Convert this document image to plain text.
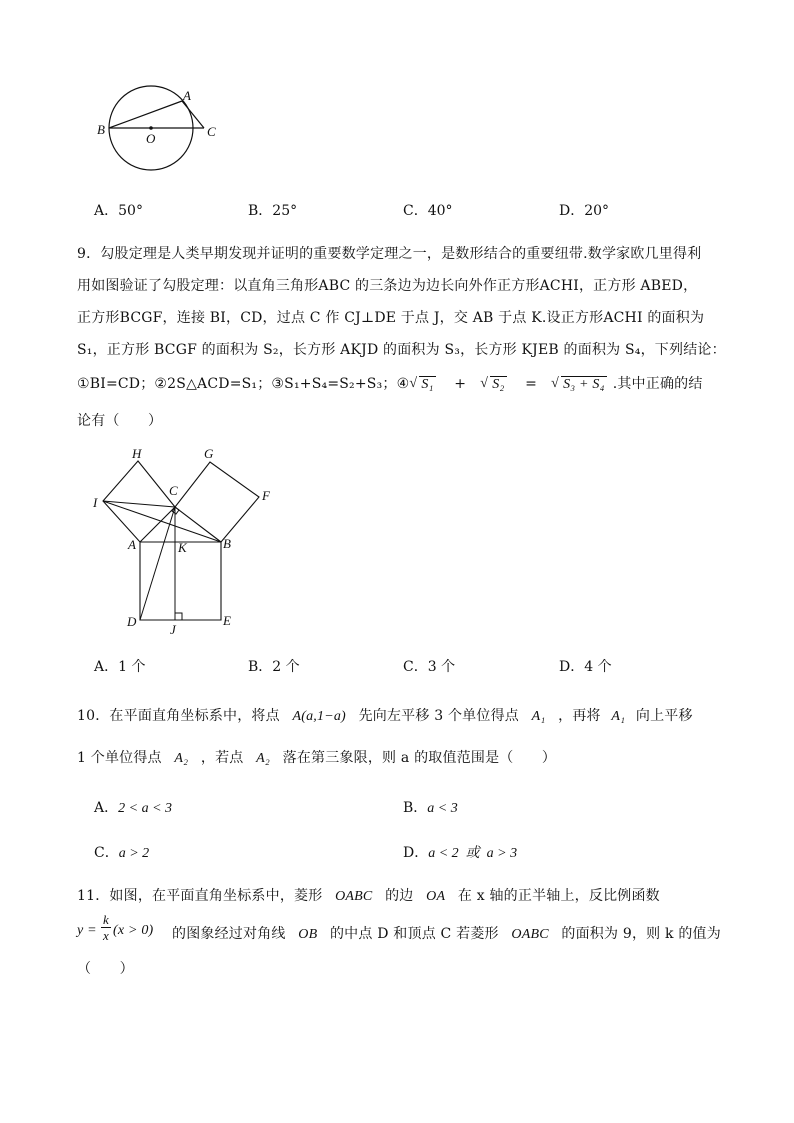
A
B
O	C
A．50°	B．25°	C．40°	D．20°
9．勾股定理是人类早期发现并证明的重要数学定理之一，是数形结合的重要纽带.数学家欧几里得利
用如图验证了勾股定理：以直角三角形ABC 的三条边为边长向外作正方形ACHI，正方形 ABED，
正方形BCGF，连接 BI，CD，过点 C 作 CJ⊥DE 于点 J，交 AB 于点 K.设正方形ACHI 的面积为
S₁，正方形 BCGF 的面积为 S₂，长方形 AKJD 的面积为 S₃，长方形 KJEB 的面积为 S₄，下列结论：
①BI=CD；②2S△ACD=S₁；③S₁+S₄=S₂+S₃；④ √ S₁ + √ S₂ = √ S₃ + S₄ .其中正确的结
论有（　　）
H	G
C
I	F
A	K	B
D
J
E
A．1 个	B．2 个	C．3 个	D．4 个
10．在平面直角坐标系中，将点 A(a,1−a) 先向左平移 3 个单位得点 A₁ ，再将 A₁ 向上平移
1 个单位得点 A₂ ，若点 A₂ 落在第三象限，则 a 的取值范围是（　　）
A．2 < a < 3	B．a < 3
C．a > 2	D．a < 2  或  a > 3
11．如图，在平面直角坐标系中，菱形 OABC 的边 OA 在 x 轴的正半轴上，反比例函数
y =
k
x (x > 0) 的图象经过对角线 OB 的中点 D 和顶点 C 若菱形 OABC 的面积为 9，则 k 的值为
（　　）
